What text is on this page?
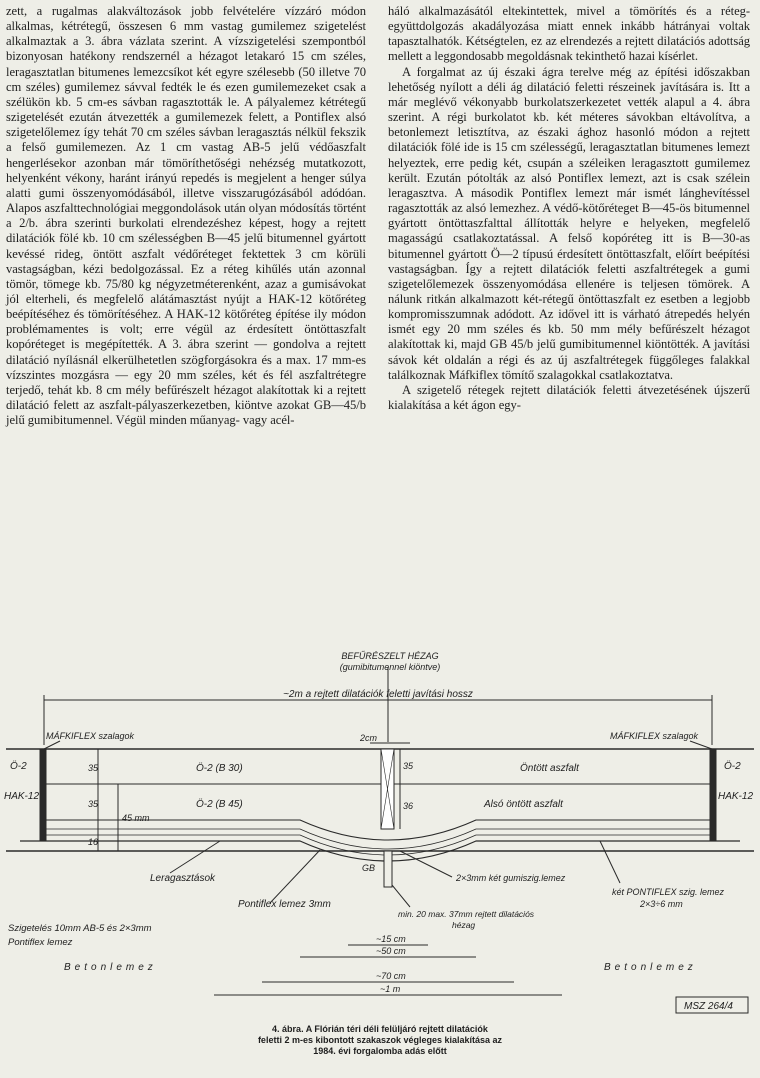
zett, a rugalmas alakváltozások jobb felvételére vízzáró módon alkalmas, kétrétegű, összesen 6 mm vastag gumilemez szigetelést alkalmaztak a 3. ábra vázlata szerint. A vízszigetelési szempontból bizonyosan hatékony rendszernél a hézagot letakaró 15 cm széles, leragasztatlan bitumenes lemezcsíkot két egyre szélesebb (50 illetve 70 cm széles) gumilemez sávval fedték le és ezen gumilemezeket csak a szélükön kb. 5 cm-es sávban ragasztották le. A pályalemez kétrétegű szigetelését ezután átvezették a gumilemezek felett, a Pontiflex alsó szigetelőlemez így tehát 70 cm széles sávban leragasztás nélkül fekszik a felső gumilemezen. Az 1 cm vastag AB-5 jelű védőaszfalt hengerlésekor azonban már tömöríthetőségi nehézség mutatkozott, helyenként vékony, haránt irányú repedés is megjelent a henger súlya alatti gumi összenyomódásából, illetve visszarugózásából adódóan. Alapos aszfalttechnológiai meggondolások után olyan módosítás történt a 2/b. ábra szerinti burkolati elrendezéshez képest, hogy a rejtett dilatációk fölé kb. 10 cm szélességben B—45 jelű bitumennel gyártott kevéssé rideg, öntött aszfalt védőréteget fektettek 3 cm körüli vastagságban, kézi bedolgozással. Ez a réteg kihűlés után azonnal tömör, tömege kb. 75/80 kg négyzetméterenként, azaz a gumisávokat jól elterheli, és megfelelő alátámasztást nyújt a HAK-12 kötőréteg beépítéséhez és tömörítéséhez. A HAK-12 kötőréteg építése ily módon problémamentes is volt; erre végül az érdesített öntöttaszfalt kopóréteget is megépítették. A 3. ábra szerint — gondolva a rejtett dilatáció nyílásnál elkerülhetetlen szögforgásokra és a max. 17 mm-es vízszintes mozgásra — egy 20 mm széles, két és fél aszfaltrétegre terjedő, tehát kb. 8 cm mély befűrészelt hézagot alakítottak ki a rejtett dilatáció felett az aszfalt-pályaszerkezetben, kiöntve azokat GB—45/b jelű gumibitumennel. Végül minden műanyag- vagy acél-

háló alkalmazásától eltekintettek, mivel a tömörítés és a réteg-együttdolgozás akadályozása miatt ennek inkább hátrányai voltak tapasztalhatók. Kétségtelen, ez az elrendezés a rejtett dilatációs adottság mellett a leggondosabb megoldásnak tekinthető hazai kísérlet.

A forgalmat az új északi ágra terelve még az építési időszakban lehetőség nyílott a déli ág dilatáció feletti részeinek javítására is. Itt a már meglévő vékonyabb burkolatszerkezetet vették alapul a 4. ábra szerint. A régi burkolatot kb. két méteres sávokban eltávolítva, a betonlemezt letisztítva, az északi ághoz hasonló módon a rejtett dilatációk fölé ide is 15 cm szélességű, leragasztatlan bitumenes lemezt helyeztek, erre pedig két, csupán a széleiken leragasztott gumilemez került. Ezután pótolták az alsó Pontiflex lemezt, azt is csak szélein leragasztva. A második Pontiflex lemezt már ismét lánghevítéssel ragasztották az alsó lemezhez. A védő-kötőréteget B—45-ös bitumennel gyártott öntöttaszfalttal állították helyre e helyeken, megfelelő magasságú csatlakoztatással. A felső kopóréteg itt is B—30-as bitumennel gyártott Ö—2 típusú érdesített öntöttaszfalt, előírt beépítési vastagságban. Így a rejtett dilatációk feletti aszfaltrétegek a gumi szigetelőlemezek összenyomódása ellenére is teljesen tömörek. A nálunk ritkán alkalmazott két-rétegű öntöttaszfalt ez esetben a legjobb kompromisszumnak adódott. Az idővel itt is várható átrepedés helyén ismét egy 20 mm széles és kb. 50 mm mély befűrészelt hézagot alakítottak ki, majd GB 45/b jelű gumibitumennel kiöntötték. A javítási sávok két oldalán a régi és az új aszfaltrétegek függőleges falakkal találkoznak Máfkiflex tömítő szalagokkal csatlakoztatva.

A szigetelő rétegek rejtett dilatációk feletti átvezetésének újszerű kialakítása a két ágon egy-

BEFŰRÉSZELT HÉZAG
(gumibitumennel kiöntve)
~2m a rejtett dilatációk feletti javítási hossz
MÁFKIFLEX szalagok	MÁFKIFLEX szalagok
2cm
Ö-2	Ö-2
Ö-2 (B 30)
Ö-2 (B 45)
Öntött aszfalt
Alsó öntött aszfalt
HAK-12	HAK-12
35
35
35
36
45 mm
16
Leragasztások
GB
2×3mm két gumiszig.lemez
két PONTIFLEX szig. lemez
2×3÷6 mm
Pontiflex lemez 3mm
min. 20 max. 37mm rejtett dilatációs
hézag
Szigetelés 10mm AB-5 és 2×3mm
Pontiflex lemez	~15 cm
~50 cm
~70 cm
~1 m
Betonlemez	Betonlemez
MSZ 264/4
4. ábra. A Flórián téri déli felüljáró rejtett dilatációk
feletti 2 m-es kibontott szakaszok végleges kialakítása az
1984. évi forgalomba adás előtt
